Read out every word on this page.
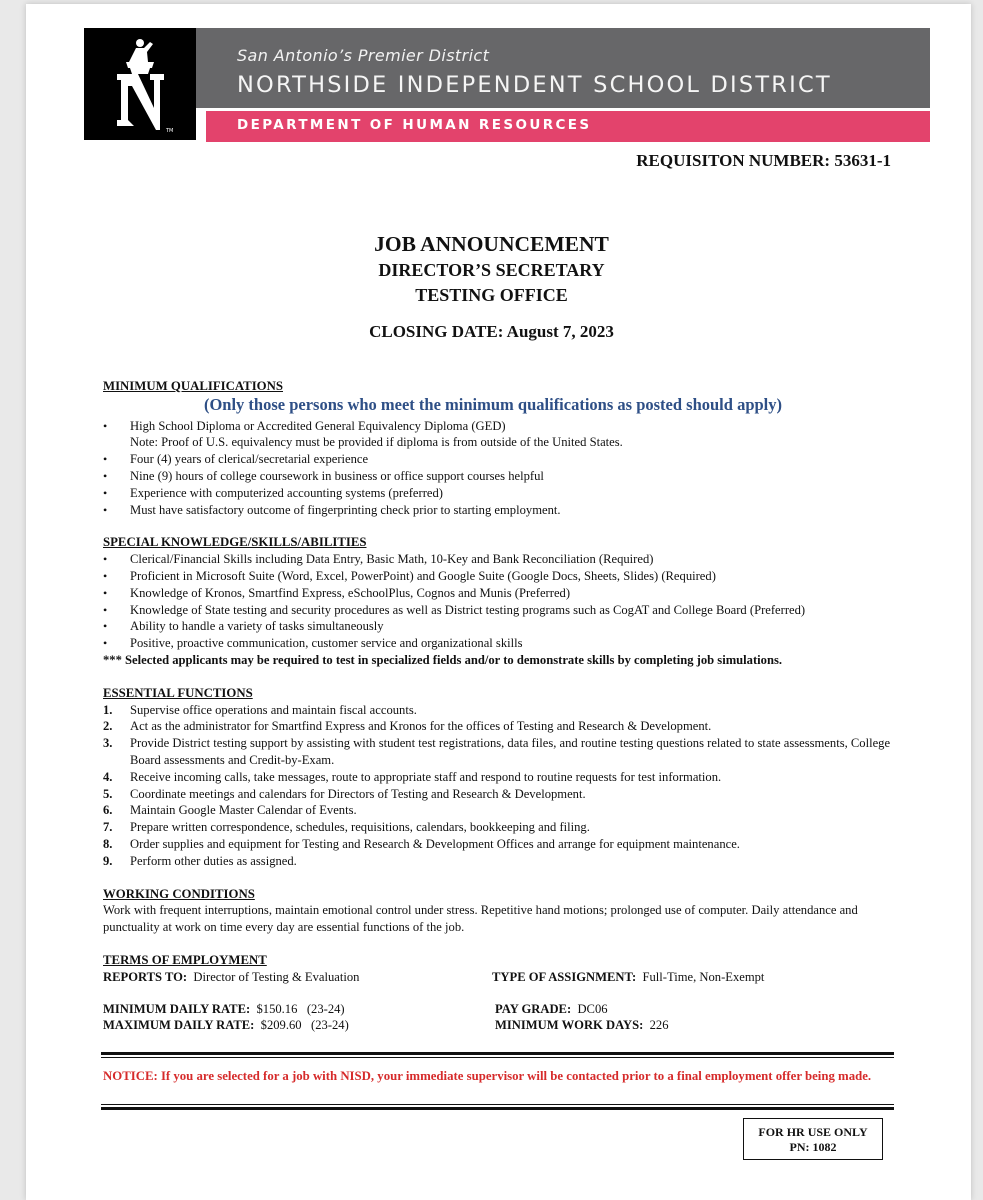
TM
San Antonio’s Premier District
NORTHSIDE INDEPENDENT SCHOOL DISTRICT
DEPARTMENT OF HUMAN RESOURCES
REQUISITON NUMBER: 53631-1
JOB ANNOUNCEMENT
DIRECTOR’S SECRETARY
TESTING OFFICE
CLOSING DATE: August 7, 2023
MINIMUM QUALIFICATIONS
(Only those persons who meet the minimum qualifications as posted should apply)
• High School Diploma or Accredited General Equivalency Diploma (GED)
Note: Proof of U.S. equivalency must be provided if diploma is from outside of the United States.
• Four (4) years of clerical/secretarial experience
• Nine (9) hours of college coursework in business or office support courses helpful
• Experience with computerized accounting systems (preferred)
• Must have satisfactory outcome of fingerprinting check prior to starting employment.
SPECIAL KNOWLEDGE/SKILLS/ABILITIES
• Clerical/Financial Skills including Data Entry, Basic Math, 10-Key and Bank Reconciliation (Required)
• Proficient in Microsoft Suite (Word, Excel, PowerPoint) and Google Suite (Google Docs, Sheets, Slides) (Required)
• Knowledge of Kronos, Smartfind Express, eSchoolPlus, Cognos and Munis (Preferred)
• Knowledge of State testing and security procedures as well as District testing programs such as CogAT and College Board (Preferred)
• Ability to handle a variety of tasks simultaneously
• Positive, proactive communication, customer service and organizational skills
*** Selected applicants may be required to test in specialized fields and/or to demonstrate skills by completing job simulations.
ESSENTIAL FUNCTIONS
1. Supervise office operations and maintain fiscal accounts.
2. Act as the administrator for Smartfind Express and Kronos for the offices of Testing and Research & Development.
3. Provide District testing support by assisting with student test registrations, data files, and routine testing questions related to state assessments, College Board assessments and Credit-by-Exam.
4. Receive incoming calls, take messages, route to appropriate staff and respond to routine requests for test information.
5. Coordinate meetings and calendars for Directors of Testing and Research & Development.
6. Maintain Google Master Calendar of Events.
7. Prepare written correspondence, schedules, requisitions, calendars, bookkeeping and filing.
8. Order supplies and equipment for Testing and Research & Development Offices and arrange for equipment maintenance.
9. Perform other duties as assigned.
WORKING CONDITIONS
Work with frequent interruptions, maintain emotional control under stress. Repetitive hand motions; prolonged use of computer. Daily attendance and punctuality at work on time every day are essential functions of the job.
TERMS OF EMPLOYMENT
REPORTS TO: Director of Testing & Evaluation	TYPE OF ASSIGNMENT: Full-Time, Non-Exempt
MINIMUM DAILY RATE: $150.16   (23-24)	PAY GRADE: DC06
MAXIMUM DAILY RATE: $209.60   (23-24)	MINIMUM WORK DAYS: 226
NOTICE: If you are selected for a job with NISD, your immediate supervisor will be contacted prior to a final employment offer being made.
FOR HR USE ONLY
PN: 1082
